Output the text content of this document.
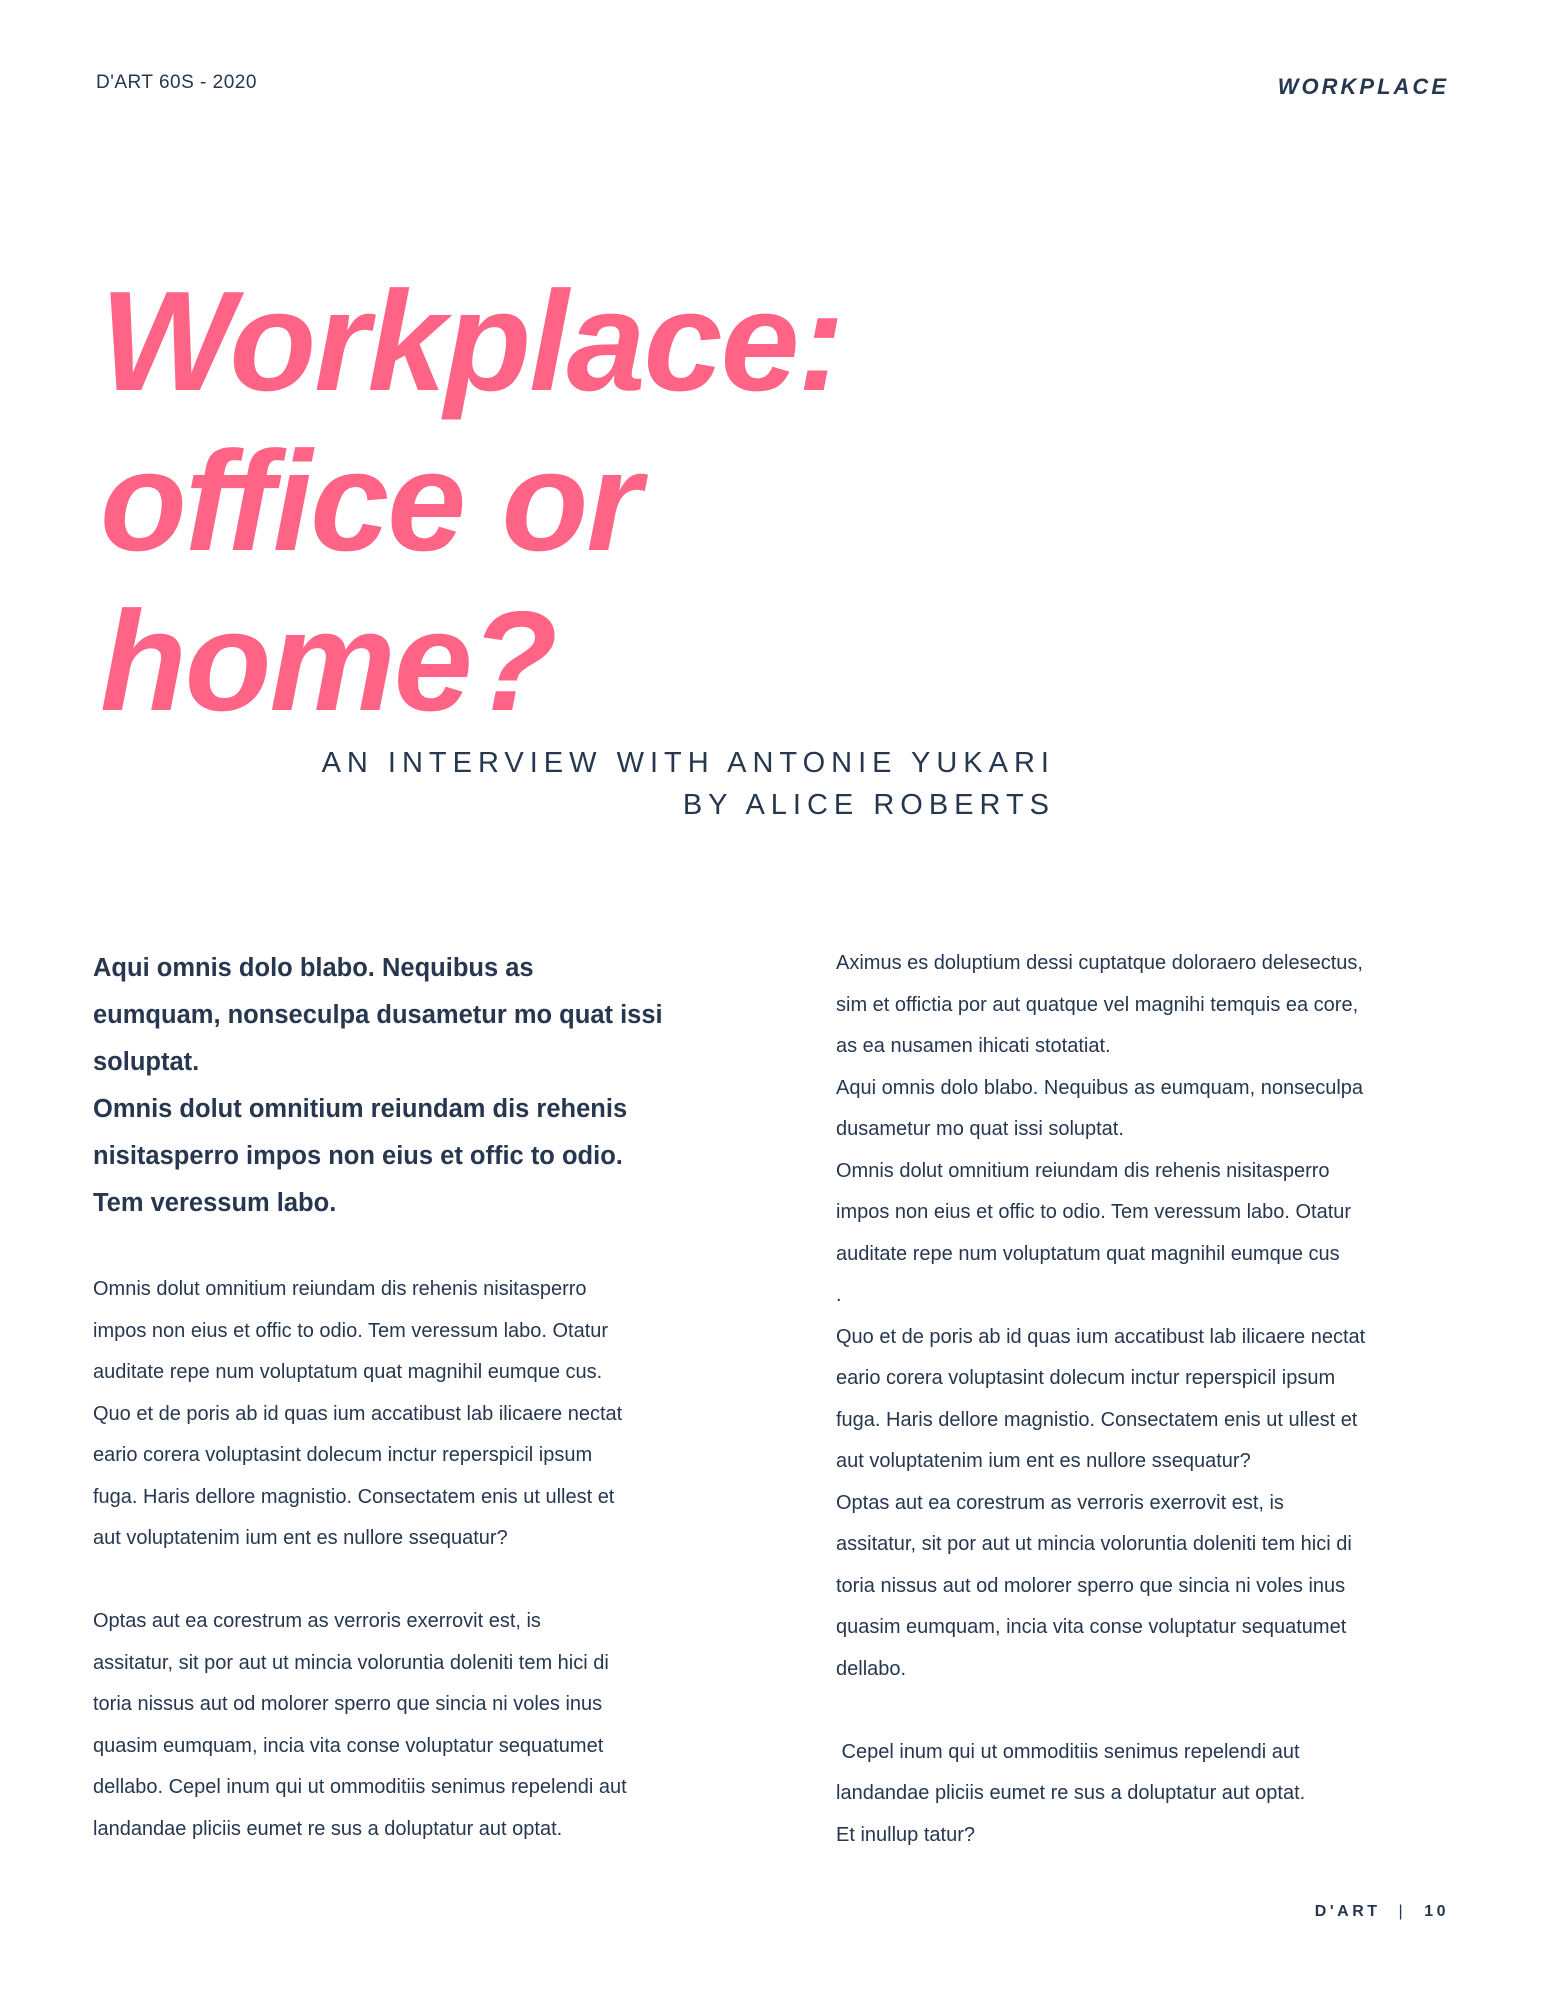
D'ART 60S - 2020	WORKPLACE
Workplace:
office or
home?
AN INTERVIEW WITH ANTONIE YUKARI
BY ALICE ROBERTS

Aqui omnis dolo blabo. Nequibus as
eumquam, nonseculpa dusametur mo quat issi
soluptat.
Omnis dolut omnitium reiundam dis rehenis
nisitasperro impos non eius et offic to odio.
Tem veressum labo.

Omnis dolut omnitium reiundam dis rehenis nisitasperro
impos non eius et offic to odio. Tem veressum labo. Otatur
auditate repe num voluptatum quat magnihil eumque cus.
Quo et de poris ab id quas ium accatibust lab ilicaere nectat
eario corera voluptasint dolecum inctur reperspicil ipsum
fuga. Haris dellore magnistio. Consectatem enis ut ullest et
aut voluptatenim ium ent es nullore ssequatur?

Optas aut ea corestrum as verroris exerrovit est, is
assitatur, sit por aut ut mincia voloruntia doleniti tem hici di
toria nissus aut od molorer sperro que sincia ni voles inus
quasim eumquam, incia vita conse voluptatur sequatumet
dellabo. Cepel inum qui ut ommoditiis senimus repelendi aut
landandae pliciis eumet re sus a doluptatur aut optat.

Aximus es doluptium dessi cuptatque doloraero delesectus,
sim et offictia por aut quatque vel magnihi temquis ea core,
as ea nusamen ihicati stotatiat.
Aqui omnis dolo blabo. Nequibus as eumquam, nonseculpa
dusametur mo quat issi soluptat.
Omnis dolut omnitium reiundam dis rehenis nisitasperro
impos non eius et offic to odio. Tem veressum labo. Otatur
auditate repe num voluptatum quat magnihil eumque cus
.
Quo et de poris ab id quas ium accatibust lab ilicaere nectat
eario corera voluptasint dolecum inctur reperspicil ipsum
fuga. Haris dellore magnistio. Consectatem enis ut ullest et
aut voluptatenim ium ent es nullore ssequatur?
Optas aut ea corestrum as verroris exerrovit est, is
assitatur, sit por aut ut mincia voloruntia doleniti tem hici di
toria nissus aut od molorer sperro que sincia ni voles inus
quasim eumquam, incia vita conse voluptatur sequatumet
dellabo.

Cepel inum qui ut ommoditiis senimus repelendi aut
landandae pliciis eumet re sus a doluptatur aut optat.
Et inullup tatur?

D'ART | 10
